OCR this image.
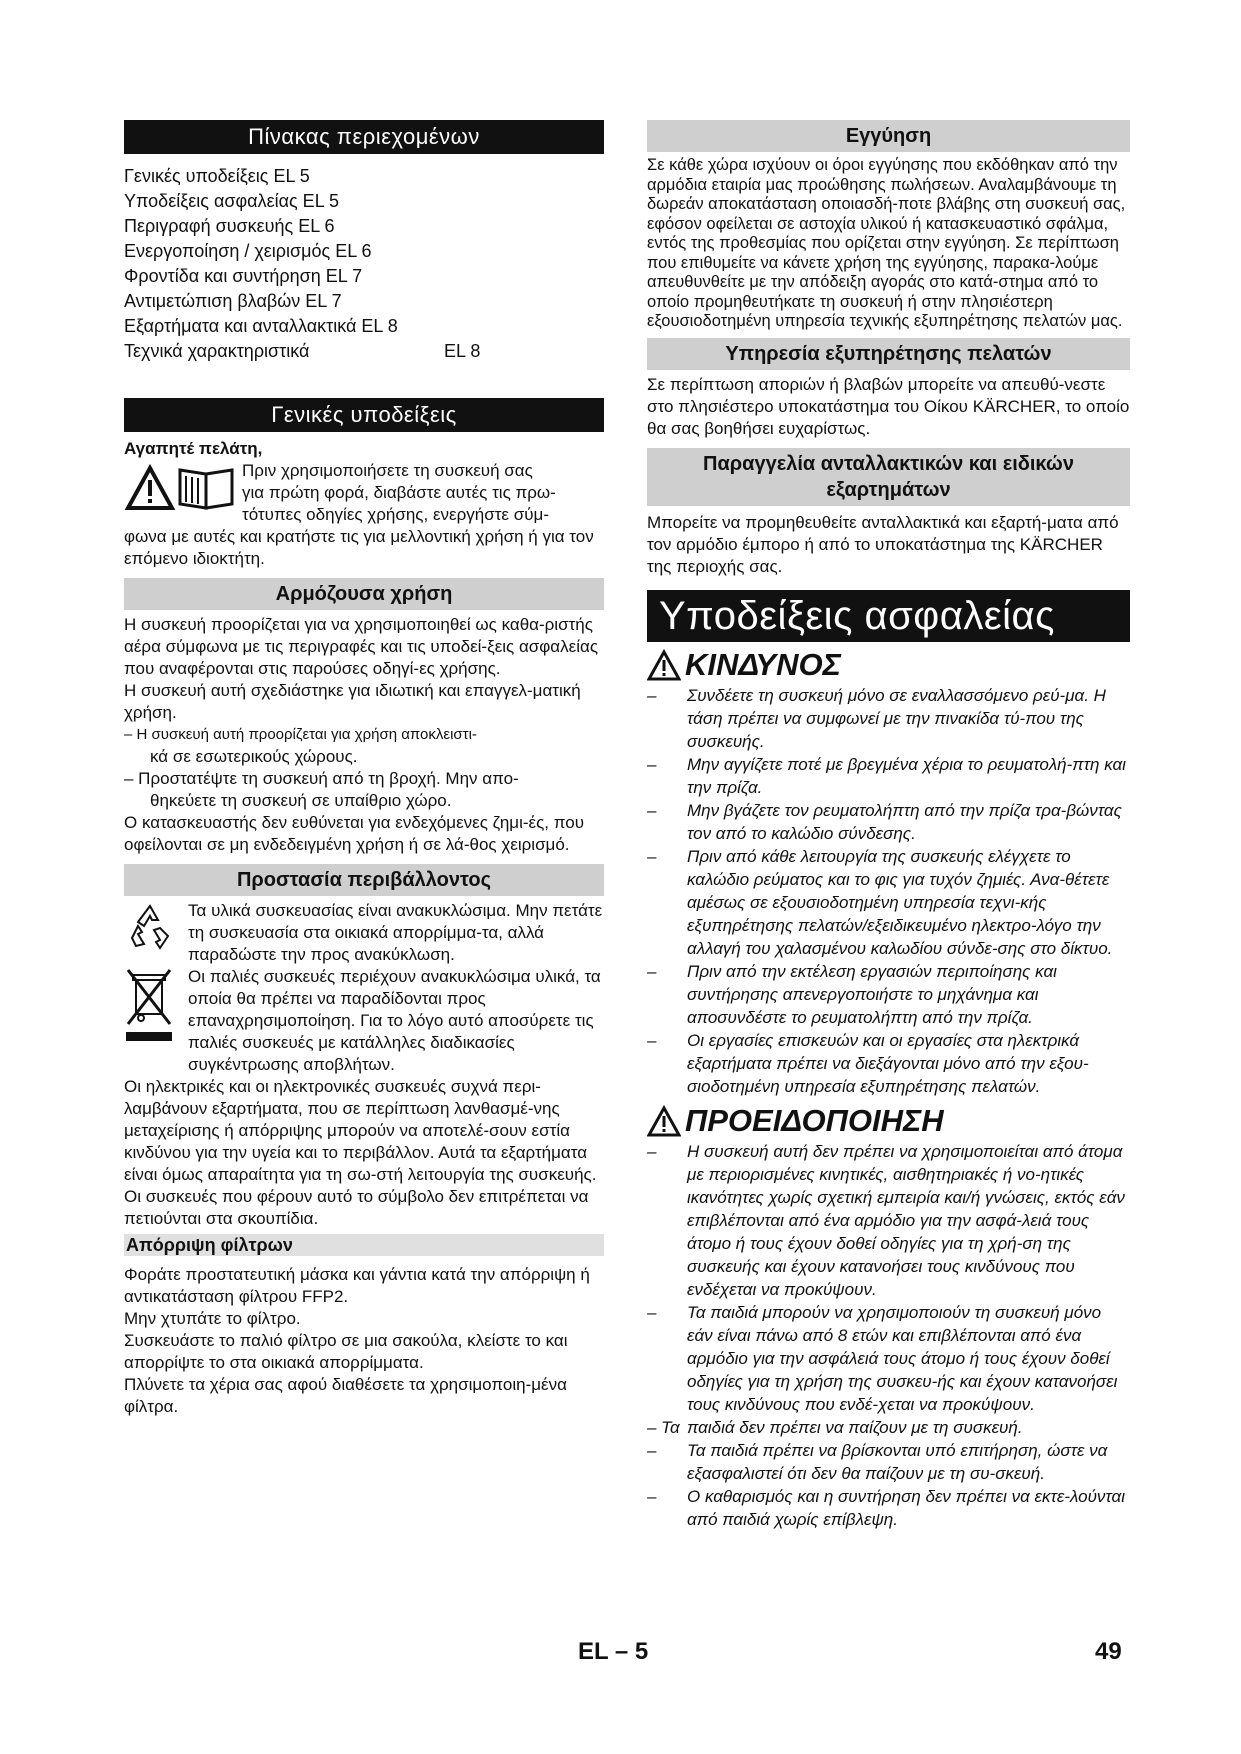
Πίνακας περιεχομένων
Γενικές υποδείξεις EL 5
Υποδείξεις ασφαλείας EL 5
Περιγραφή συσκευής EL 6
Ενεργοποίηση / χειρισμός EL 6
Φροντίδα και συντήρηση EL 7
Αντιμετώπιση βλαβών EL 7
Εξαρτήματα και ανταλλακτικά EL 8
Τεχνικά χαρακτηριστικά	EL 8
Γενικές υποδείξεις
Αγαπητέ πελάτη,
Πριν χρησιμοποιήσετε τη συσκευή σας
για πρώτη φορά, διαβάστε αυτές τις πρω-
τότυπες οδηγίες χρήσης, ενεργήστε σύμ-
φωνα με αυτές και κρατήστε τις για μελλοντική χρήση ή για τον επόμενο ιδιοκτήτη.
Αρμόζουσα χρήση
Η συσκευή προορίζεται για να χρησιμοποιηθεί ως καθα-ριστής αέρα σύμφωνα με τις περιγραφές και τις υποδεί-ξεις ασφαλείας που αναφέρονται στις παρούσες οδηγί-ες χρήσης.
Η συσκευή αυτή σχεδιάστηκε για ιδιωτική και επαγγελ-ματική χρήση.
– Η συσκευή αυτή προορίζεται για χρήση αποκλειστι-
κά σε εσωτερικούς χώρους.
– Προστατέψτε τη συσκευή από τη βροχή. Μην απο-
θηκεύετε τη συσκευή σε υπαίθριο χώρο.
Ο κατασκευαστής δεν ευθύνεται για ενδεχόμενες ζημι-ές, που οφείλονται σε μη ενδεδειγμένη χρήση ή σε λά-θος χειρισμό.
Προστασία περιβάλλοντος
Τα υλικά συσκευασίας είναι ανακυκλώσιμα. Μην πετάτε τη συσκευασία στα οικιακά απορρίμμα-τα, αλλά παραδώστε την προς ανακύκλωση.
Οι παλιές συσκευές περιέχουν ανακυκλώσιμα υλικά, τα οποία θα πρέπει να παραδίδονται προς επαναχρησιμοποίηση. Για το λόγο αυτό αποσύρετε τις παλιές συσκευές με κατάλληλες διαδικασίες συγκέντρωσης αποβλήτων.
Οι ηλεκτρικές και οι ηλεκτρονικές συσκευές συχνά περι-λαμβάνουν εξαρτήματα, που σε περίπτωση λανθασμέ-νης μεταχείρισης ή απόρριψης μπορούν να αποτελέ-σουν εστία κινδύνου για την υγεία και το περιβάλλον. Αυτά τα εξαρτήματα είναι όμως απαραίτητα για τη σω-στή λειτουργία της συσκευής. Οι συσκευές που φέρουν αυτό το σύμβολο δεν επιτρέπεται να πετιούνται στα σκουπίδια.
Απόρριψη φίλτρων
Φοράτε προστατευτική μάσκα και γάντια κατά την απόρριψη ή αντικατάσταση φίλτρου FFP2.
Μην χτυπάτε το φίλτρο.
Συσκευάστε το παλιό φίλτρο σε μια σακούλα, κλείστε το και απορρίψτε το στα οικιακά απορρίμματα.
Πλύνετε τα χέρια σας αφού διαθέσετε τα χρησιμοποιη-μένα φίλτρα.
Εγγύηση
Σε κάθε χώρα ισχύουν οι όροι εγγύησης που εκδόθηκαν από την αρμόδια εταιρία μας προώθησης πωλήσεων. Αναλαμβάνουμε τη δωρεάν αποκατάσταση οποιασδή-ποτε βλάβης στη συσκευή σας, εφόσον οφείλεται σε αστοχία υλικού ή κατασκευαστικό σφάλμα, εντός της προθεσμίας που ορίζεται στην εγγύηση. Σε περίπτωση που επιθυμείτε να κάνετε χρήση της εγγύησης, παρακα-λούμε απευθυνθείτε με την απόδειξη αγοράς στο κατά-στημα από το οποίο προμηθευτήκατε τη συσκευή ή στην πλησιέστερη εξουσιοδοτημένη υπηρεσία τεχνικής εξυπηρέτησης πελατών μας.
Υπηρεσία εξυπηρέτησης πελατών
Σε περίπτωση αποριών ή βλαβών μπορείτε να απευθύ-νεστε στο πλησιέστερο υποκατάστημα του Οίκου KÄRCHER, το οποίο θα σας βοηθήσει ευχαρίστως.
Παραγγελία ανταλλακτικών και ειδικών
εξαρτημάτων
Μπορείτε να προμηθευθείτε ανταλλακτικά και εξαρτή-ματα από τον αρμόδιο έμπορο ή από το υποκατάστημα της KÄRCHER της περιοχής σας.
Υποδείξεις ασφαλείας
ΚΙΝΔΥΝΟΣ
–	Συνδέετε τη συσκευή μόνο σε εναλλασσόμενο ρεύ-μα. Η τάση πρέπει να συμφωνεί με την πινακίδα τύ-που της συσκευής.
–	Μην αγγίζετε ποτέ με βρεγμένα χέρια το ρευματολή-πτη και την πρίζα.
–	Μην βγάζετε τον ρευματολήπτη από την πρίζα τρα-βώντας τον από το καλώδιο σύνδεσης.
–	Πριν από κάθε λειτουργία της συσκευής ελέγχετε το καλώδιο ρεύματος και το φις για τυχόν ζημιές. Ανα-θέτετε αμέσως σε εξουσιοδοτημένη υπηρεσία τεχνι-κής εξυπηρέτησης πελατών/εξειδικευμένο ηλεκτρο-λόγο την αλλαγή του χαλασμένου καλωδίου σύνδε-σης στο δίκτυο.
–	Πριν από την εκτέλεση εργασιών περιποίησης και συντήρησης απενεργοποιήστε το μηχάνημα και αποσυνδέστε το ρευματολήπτη από την πρίζα.
–	Οι εργασίες επισκευών και οι εργασίες στα ηλεκτρικά εξαρτήματα πρέπει να διεξάγονται μόνο από την εξου-σιοδοτημένη υπηρεσία εξυπηρέτησης πελατών.
ΠΡΟΕΙΔΟΠΟΙΗΣΗ
–	Η συσκευή αυτή δεν πρέπει να χρησιμοποιείται από άτομα με περιορισμένες κινητικές, αισθητηριακές ή νο-ητικές ικανότητες χωρίς σχετική εμπειρία και/ή γνώσεις, εκτός εάν επιβλέπονται από ένα αρμόδιο για την ασφά-λειά τους άτομο ή τους έχουν δοθεί οδηγίες για τη χρή-ση της συσκευής και έχουν κατανοήσει τους κινδύνους που ενδέχεται να προκύψουν.
–	Τα παιδιά μπορούν να χρησιμοποιούν τη συσκευή μόνο εάν είναι πάνω από 8 ετών και επιβλέπονται από ένα αρμόδιο για την ασφάλειά τους άτομο ή τους έχουν δοθεί οδηγίες για τη χρήση της συσκευ-ής και έχουν κατανοήσει τους κινδύνους που ενδέ-χεται να προκύψουν.
– Τα παιδιά δεν πρέπει να παίζουν με τη συσκευή.
–	Τα παιδιά πρέπει να βρίσκονται υπό επιτήρηση, ώστε να εξασφαλιστεί ότι δεν θα παίζουν με τη συ-σκευή.
–	Ο καθαρισμός και η συντήρηση δεν πρέπει να εκτε-λούνται από παιδιά χωρίς επίβλεψη.
EL – 5	49
